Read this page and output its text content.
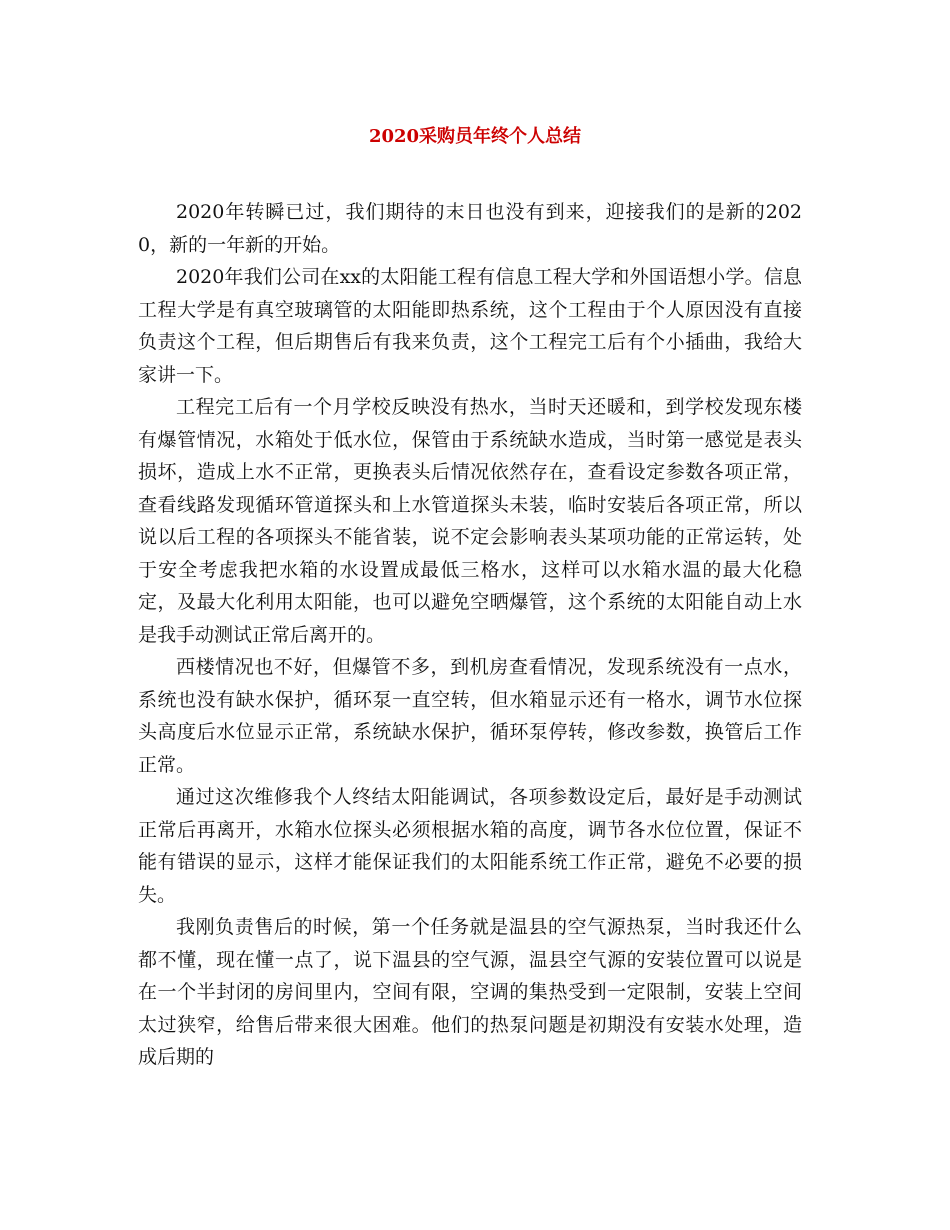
2020采购员年终个人总结

2020年转瞬已过，我们期待的末日也没有到来，迎接我们的是新的2020，新的一年新的开始。

2020年我们公司在xx的太阳能工程有信息工程大学和外国语想小学。信息工程大学是有真空玻璃管的太阳能即热系统，这个工程由于个人原因没有直接负责这个工程，但后期售后有我来负责，这个工程完工后有个小插曲，我给大家讲一下。

工程完工后有一个月学校反映没有热水，当时天还暖和，到学校发现东楼有爆管情况，水箱处于低水位，保管由于系统缺水造成，当时第一感觉是表头损坏，造成上水不正常，更换表头后情况依然存在，查看设定参数各项正常，查看线路发现循环管道探头和上水管道探头未装，临时安装后各项正常，所以说以后工程的各项探头不能省装，说不定会影响表头某项功能的正常运转，处于安全考虑我把水箱的水设置成最低三格水，这样可以水箱水温的最大化稳定，及最大化利用太阳能，也可以避免空晒爆管，这个系统的太阳能自动上水是我手动测试正常后离开的。

西楼情况也不好，但爆管不多，到机房查看情况，发现系统没有一点水，系统也没有缺水保护，循环泵一直空转，但水箱显示还有一格水，调节水位探头高度后水位显示正常，系统缺水保护，循环泵停转，修改参数，换管后工作正常。

通过这次维修我个人终结太阳能调试，各项参数设定后，最好是手动测试正常后再离开，水箱水位探头必须根据水箱的高度，调节各水位位置，保证不能有错误的显示，这样才能保证我们的太阳能系统工作正常，避免不必要的损失。

我刚负责售后的时候，第一个任务就是温县的空气源热泵，当时我还什么都不懂，现在懂一点了，说下温县的空气源，温县空气源的安装位置可以说是在一个半封闭的房间里内，空间有限，空调的集热受到一定限制，安装上空间太过狭窄，给售后带来很大困难。他们的热泵问题是初期没有安装水处理，造成后期的
